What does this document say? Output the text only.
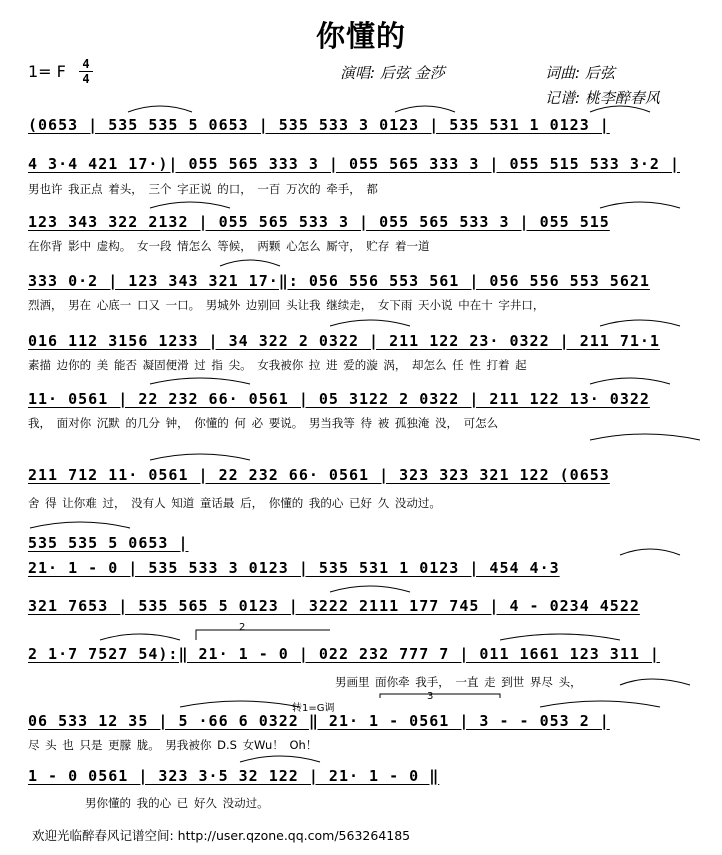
你懂的
1= F 4
4	演唱: 后弦 金莎	词曲: 后弦
记谱: 桃李醉春风
(0653 | 535 535 5 0653 | 535 533 3 0123 | 535 531 1 0123 |
4 3·4 421 17·)| 055 565 333 3 | 055 565 333 3 | 055 515 533 3·2 |
男也许 我正点 着头， 三个 字正说 的口， 一百 万次的 牵手， 都
123 343 322 2132 | 055 565 533 3 | 055 565 533 3 | 055 515
在你背 影中 虚构。 女一段 情怎么 等候， 两颗 心怎么 厮守， 贮存 着一道
333 0·2 | 123 343 321 17·‖: 056 556 553 561 | 056 556 553 5621
烈酒， 男在 心底一 口又 一口。 男城外 边别回 头让我 继续走， 女下雨 天小说 中在十 字井口，
016 112 3156 1233 | 34 322 2 0322 | 211 122 23· 0322 | 211 71·1
素描 边你的 美 能否 凝固便滑 过 指 尖。 女我被你 拉 进 爱的漩 涡， 却怎么 任 性 打着 起
11· 0561 | 22 232 66· 0561 | 05 3122 2 0322 | 211 122 13· 0322
我， 面对你 沉默 的几分 钟， 你懂的 何 必 要说。 男当我等 待 被 孤独淹 没， 可怎么
211 712 11· 0561 | 22 232 66· 0561 | 323 323 321 122 (0653
舍 得 让你难 过， 没有人 知道 童话最 后， 你懂的 我的心 已好 久 没动过。
535 535 5 0653 |
21· 1 - 0 | 535 533 3 0123 | 535 531 1 0123 | 454 4·3
321 7653 | 535 565 5 0123 | 3222 2111 177 745 | 4 - 0234 4522
2 1·7 7527 54):‖ 21· 1 - 0 | 022 232 777 7 | 011 1661 123 311 |
男画里 面你牵 我手， 一直 走 到世 界尽 头，
06 533 12 35 | 5 ·66 6 0322 ‖ 21· 1 - 0561 | 3 - - 053 2 |
尽 头 也 只是 更朦 胧。 男我被你 D.S 女Wu！ Oh！
1 - 0 0561 | 323 3·5 32 122 | 21· 1 - 0 ‖
男你懂的 我的心 已 好久 没动过。
2
转1=G调
3
欢迎光临醉春风记谱空间: http://user.qzone.qq.com/563264185
